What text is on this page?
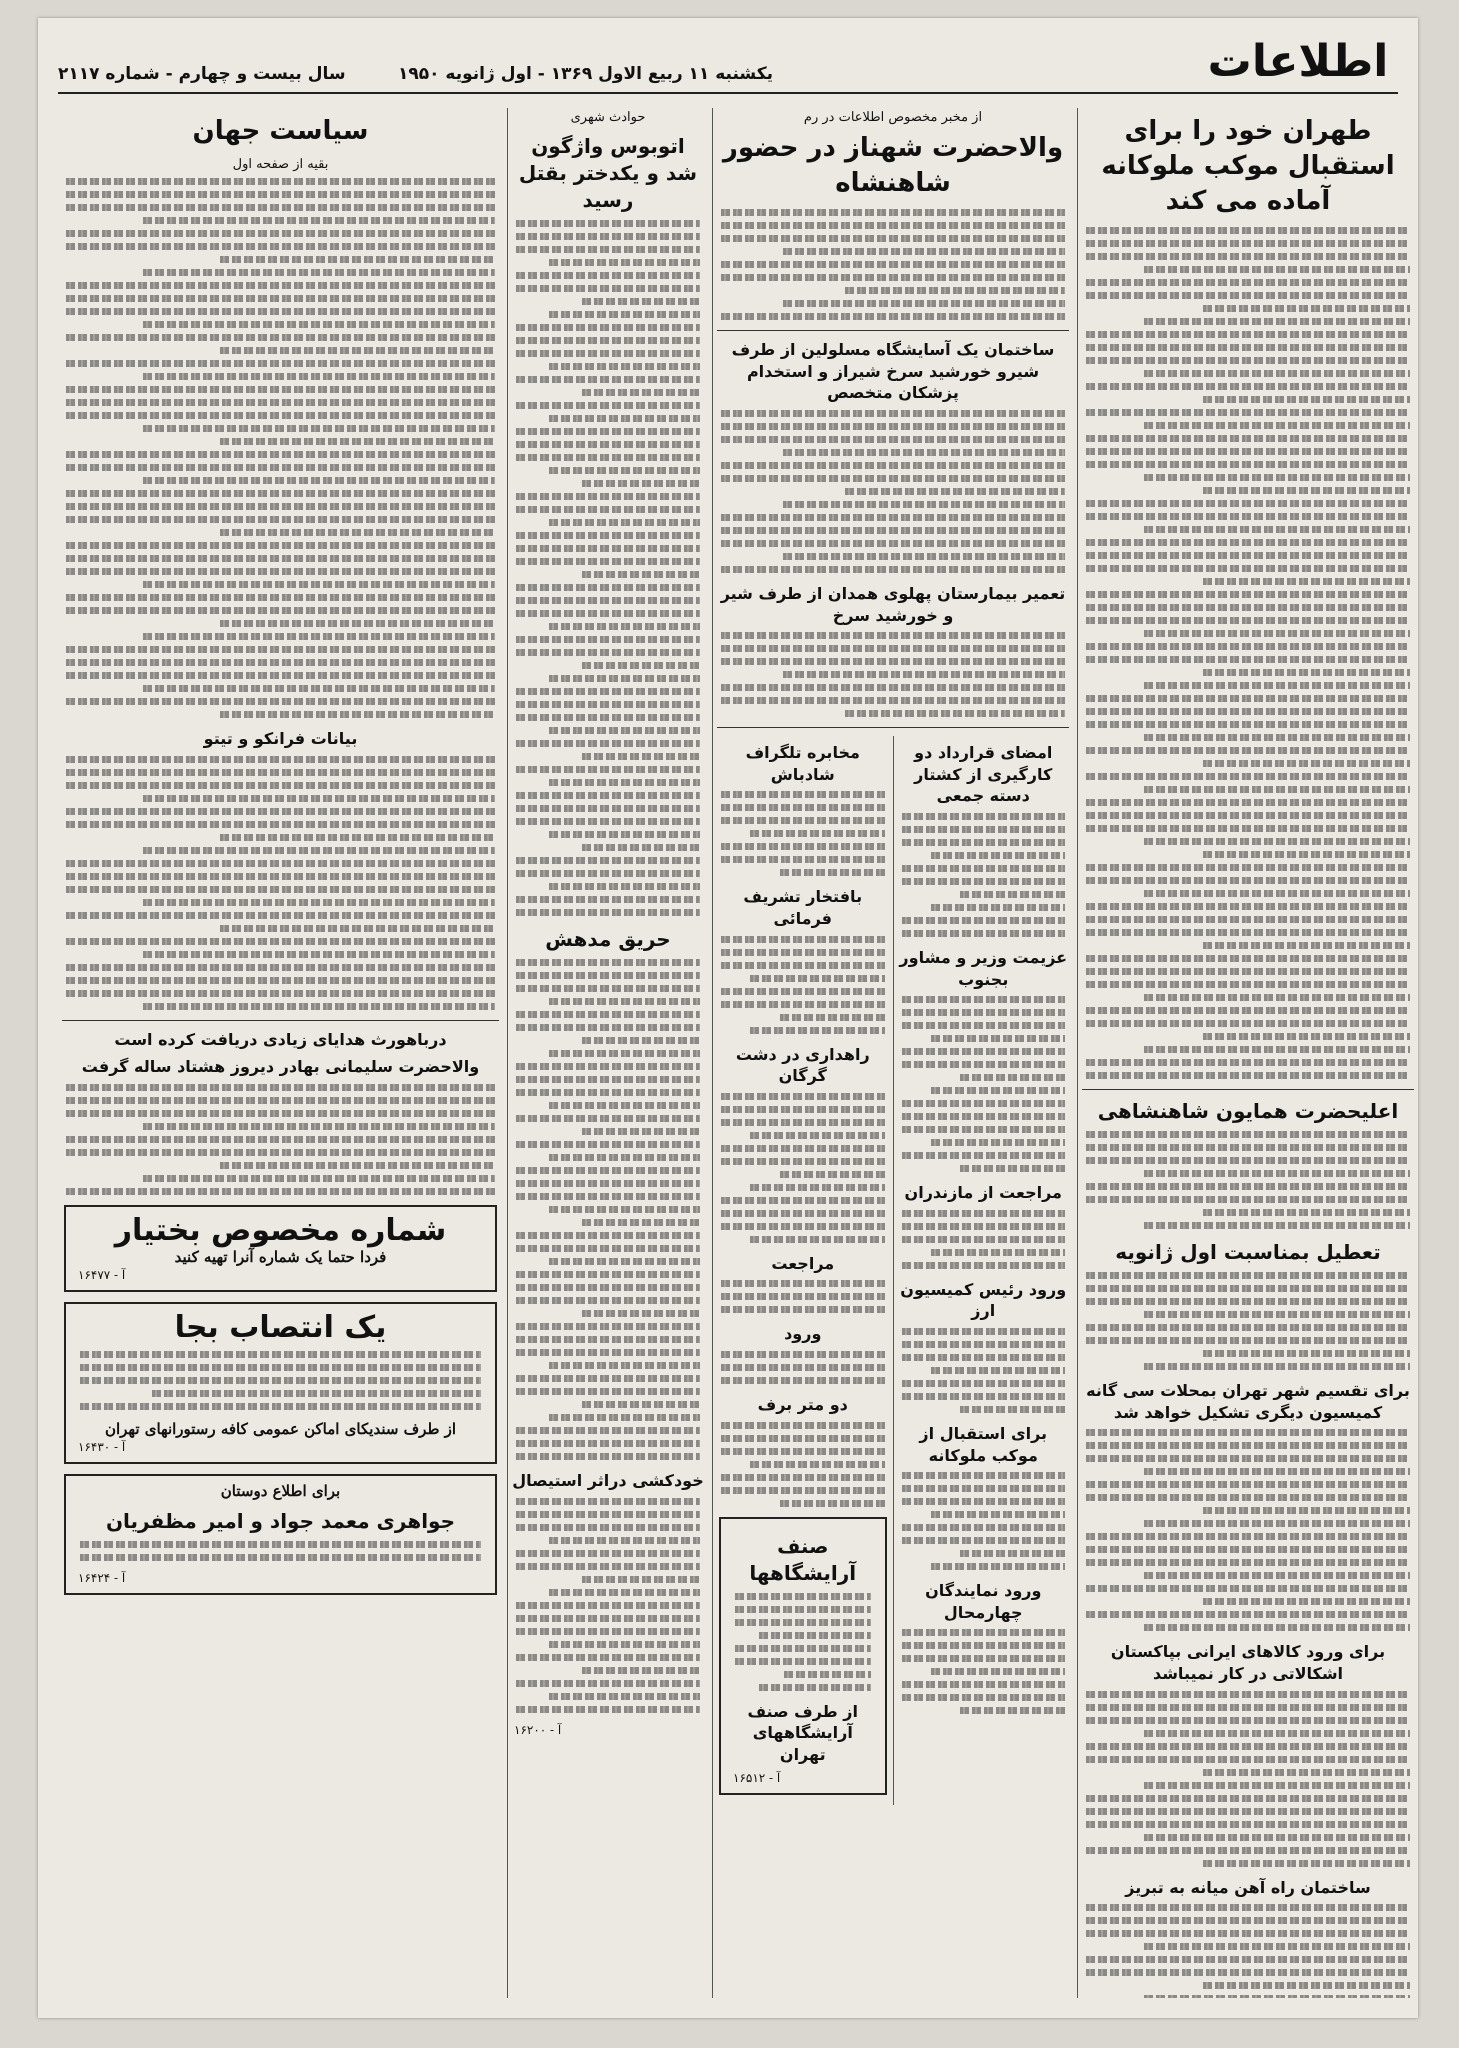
اطلاعات
یکشنبه ۱۱ ربیع الاول ۱۳۶۹ - اول ژانویه ۱۹۵۰
سال بیست و چهارم - شماره ۲۱۱۷
طهران خود را برای استقبال موکب ملوکانه آماده می کند
اعلیحضرت همایون شاهنشاهی
تعطیل بمناسبت اول ژانویه
برای تقسیم شهر تهران بمحلات سی گانه کمیسیون دیگری تشکیل خواهد شد
برای ورود کالاهای ایرانی بپاکستان اشکالاتی در کار نمیباشد
ساختمان راه آهن میانه به تبریز
از مخبر مخصوص اطلاعات در رم
والاحضرت شهناز در حضور شاهنشاه
ساختمان یک آسایشگاه مسلولین از طرف شیرو خورشید سرخ شیراز و استخدام پزشکان متخصص
تعمیر بیمارستان پهلوی همدان از طرف شیر و خورشید سرخ
امضای قرارداد دو کارگیری از کشتار دسته جمعی
عزیمت وزیر و مشاور بجنوب
مراجعت از مازندران
ورود رئیس کمیسیون ارز
برای استقبال از موکب ملوکانه
ورود نمایندگان چهارمحال
مخابره تلگراف شادباش
بافتخار تشریف فرمائی
راهداری در دشت گرگان
مراجعت
ورود
دو متر برف
صنف آرایشگاهها
از طرف صنف آرایشگاههای تهران
آ - ۱۶۵۱۲
حوادث شهری
اتوبوس واژگون شد و یکدختر بقتل رسید
حریق مدهش
خودکشی دراثر استیصال
آ - ۱۶۲۰۰
سیاست جهان
بقیه از صفحه اول
بیانات فرانکو و تیتو
درباهورث هدایای زیادی دریافت کرده است
والاحضرت سلیمانی بهادر دیروز هشتاد ساله گرفت
شماره مخصوص بختیار
فردا حتما یک شماره آنرا تهیه کنید
آ - ۱۶۴۷۷
یک انتصاب بجا
از طرف سندیکای اماکن عمومی کافه رستورانهای تهران
آ - ۱۶۴۳۰
برای اطلاع دوستان
جواهری معمد جواد و امیر مظفریان
آ - ۱۶۴۲۴
